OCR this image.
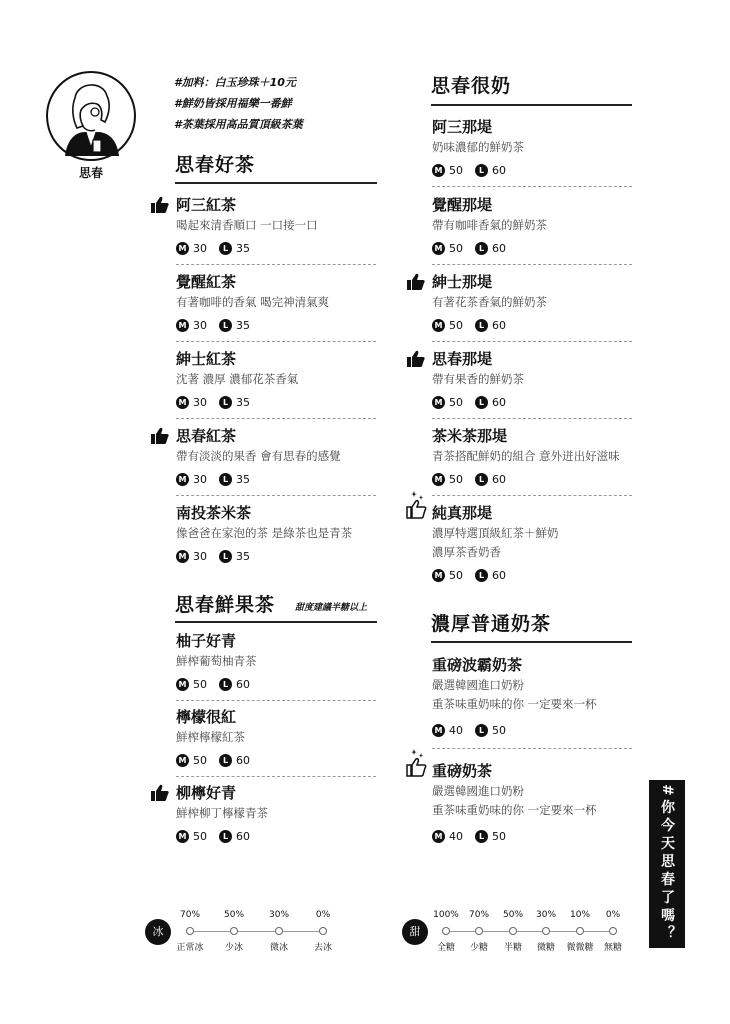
思春
#加料：白玉珍珠＋10元
#鮮奶皆採用福樂一番鮮
#茶葉採用高品質頂級茶葉
思春好茶
阿三紅茶
喝起來清香順口 一口接一口
M 30	L 35
覺醒紅茶
有著咖啡的香氣 喝完神清氣爽
M 30	L 35
紳士紅茶
沈著 濃厚 濃郁花茶香氣
M 30	L 35
思春紅茶
帶有淡淡的果香 會有思春的感覺
M 30	L 35
南投茶米茶
像爸爸在家泡的茶 是綠茶也是青茶
M 30	L 35
思春鮮果茶 甜度建議半糖以上
柚子好青
鮮榨葡萄柚青茶
M 50	L 60
檸檬很紅
鮮榨檸檬紅茶
M 50	L 60
柳檸好青
鮮榨柳丁檸檬青茶
M 50	L 60
思春很奶
阿三那堤
奶味濃郁的鮮奶茶
M 50	L 60
覺醒那堤
帶有咖啡香氣的鮮奶茶
M 50	L 60
紳士那堤
有著花茶香氣的鮮奶茶
M 50	L 60
思春那堤
帶有果香的鮮奶茶
M 50	L 60
茶米茶那堤
青茶搭配鮮奶的組合 意外迸出好滋味
M 50	L 60
純真那堤
濃厚特選頂級紅茶＋鮮奶
濃厚茶香奶香
M 50	L 60
濃厚普通奶茶
重磅波霸奶茶
嚴選韓國進口奶粉
重茶味重奶味的你 一定要來一杯
M 40	L 50
重磅奶茶
嚴選韓國進口奶粉
重茶味重奶味的你 一定要來一杯
M 40	L 50	#你今天思春了嗎？
冰
70%	50%	30%	0%
正常冰 少冰	微冰	去冰
甜
100% 70% 50% 30% 10% 0%
全糖 少糖 半糖 微糖 微微糖 無糖
